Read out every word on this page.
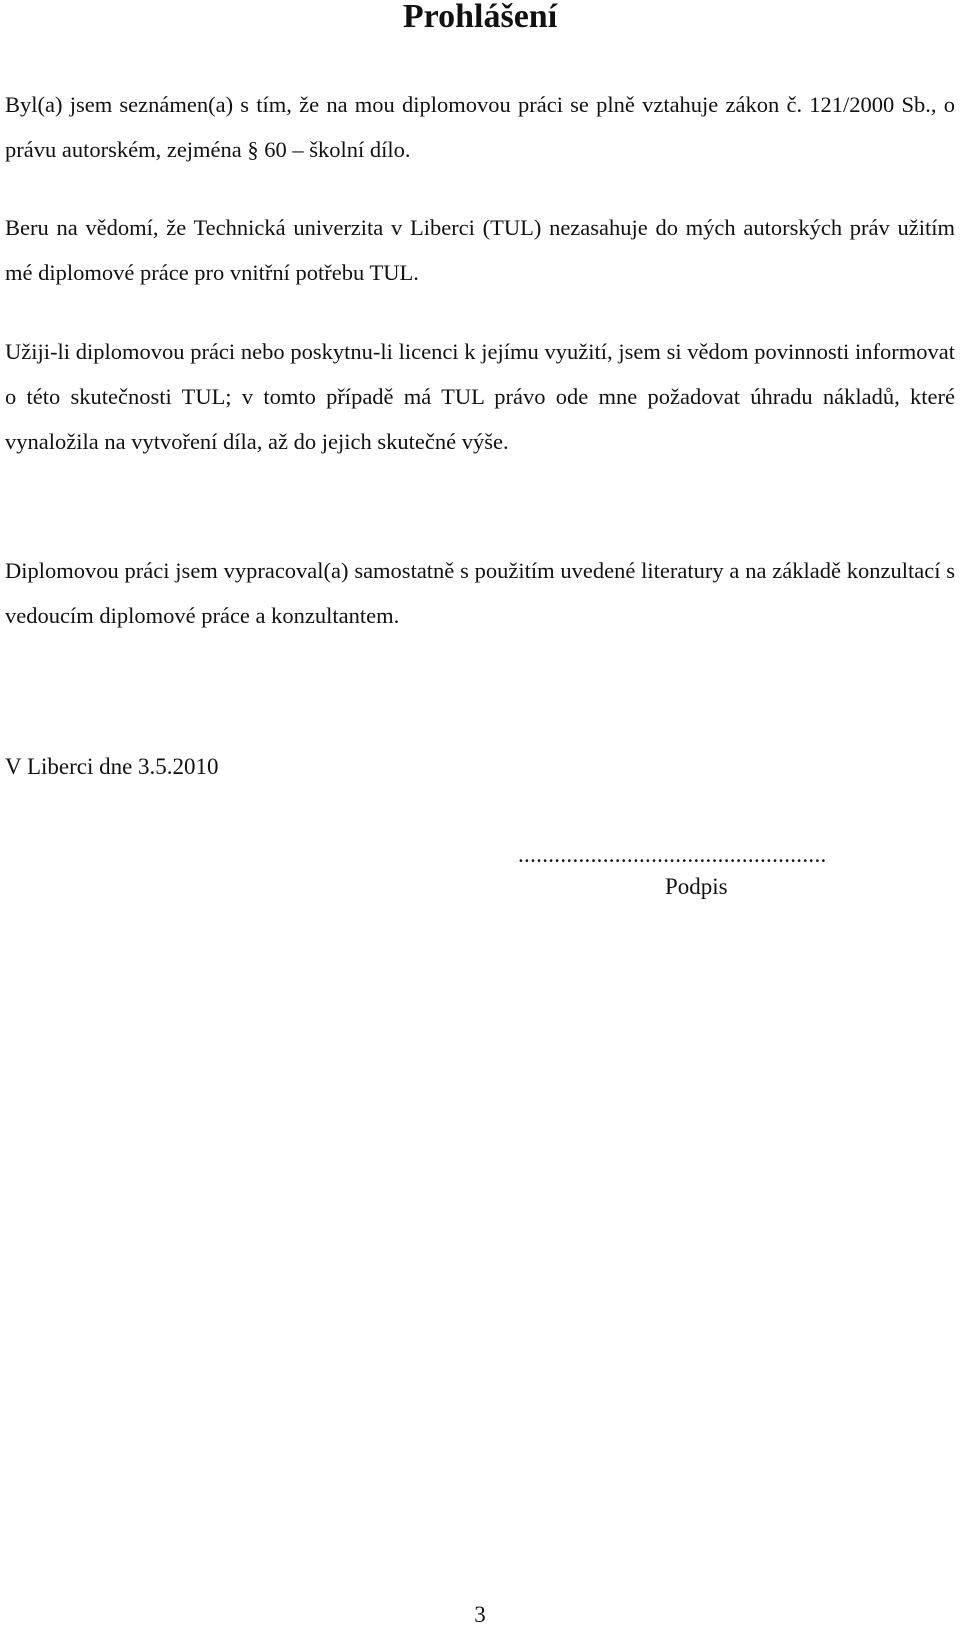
Prohlášení

Byl(a) jsem seznámen(a) s tím, že na mou diplomovou práci se plně vztahuje zákon č. 121/2000 Sb., o právu autorském, zejména § 60 – školní dílo.

Beru na vědomí, že Technická univerzita v Liberci (TUL) nezasahuje do mých autorských práv užitím mé diplomové práce pro vnitřní potřebu TUL.

Užiji-li diplomovou práci nebo poskytnu-li licenci k jejímu využití, jsem si vědom povinnosti informovat o této skutečnosti TUL; v tomto případě má TUL právo ode mne požadovat úhradu nákladů, které vynaložila na vytvoření díla, až do jejich skutečné výše.

Diplomovou práci jsem vypracoval(a) samostatně s použitím uvedené literatury a na základě konzultací s vedoucím diplomové práce a konzultantem.

V Liberci dne 3.5.2010

...................................................

Podpis

3
